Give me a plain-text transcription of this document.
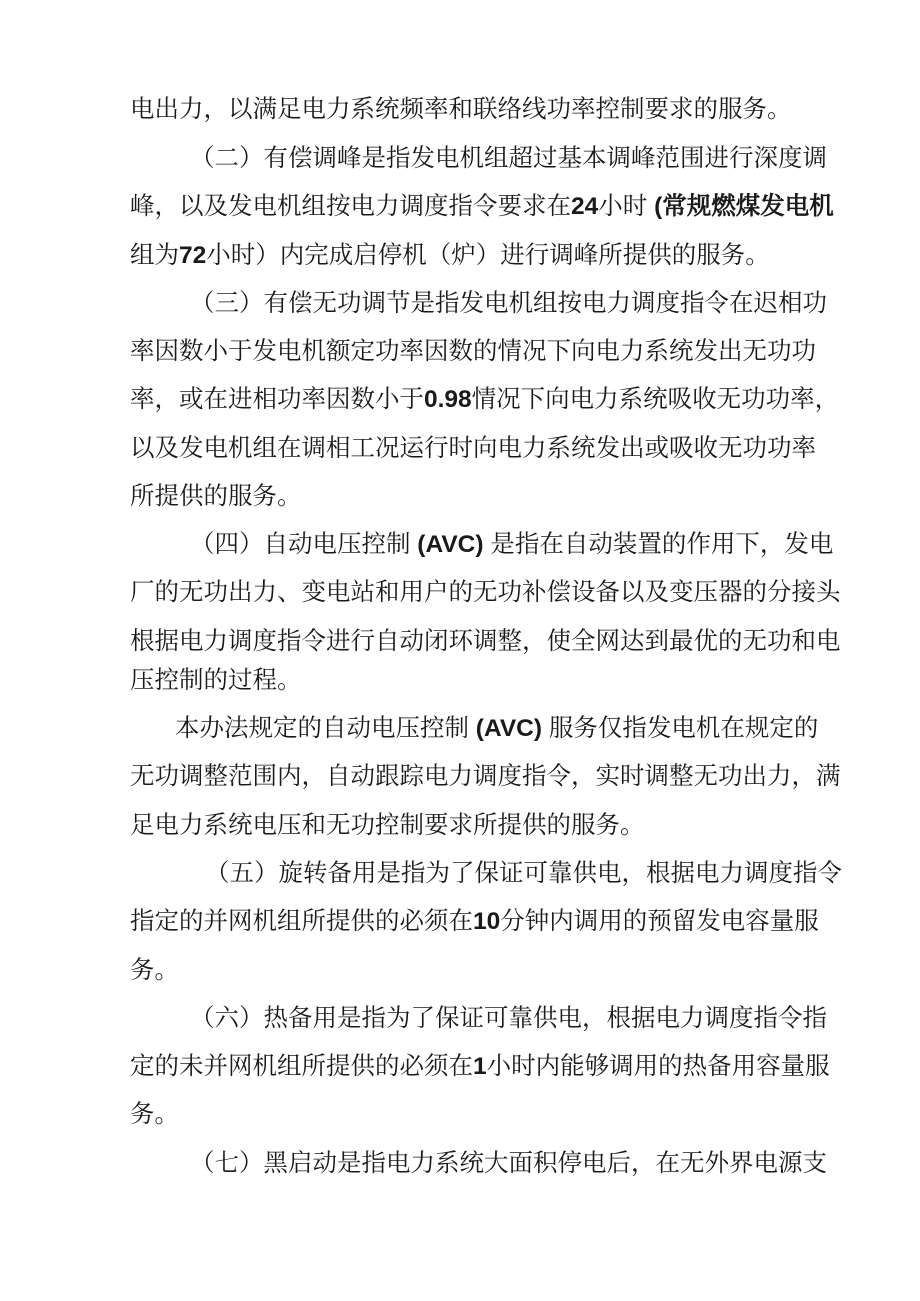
电出力，以满足电力系统频率和联络线功率控制要求的服务。
（二）有偿调峰是指发电机组超过基本调峰范围进行深度调
峰，以及发电机组按电力调度指令要求在24小时 (常规燃煤发电机
组为72小时）内完成启停机（炉）进行调峰所提供的服务。
（三）有偿无功调节是指发电机组按电力调度指令在迟相功
率因数小于发电机额定功率因数的情况下向电力系统发出无功功
率，或在进相功率因数小于0.98情况下向电力系统吸收无功功率，
以及发电机组在调相工况运行时向电力系统发出或吸收无功功率
所提供的服务。
（四）自动电压控制 (AVC) 是指在自动装置的作用下，发电
厂的无功出力、变电站和用户的无功补偿设备以及变压器的分接头
根据电力调度指令进行自动闭环调整，使全网达到最优的无功和电
压控制的过程。
本办法规定的自动电压控制 (AVC) 服务仅指发电机在规定的
无功调整范围内，自动跟踪电力调度指令，实时调整无功出力，满
足电力系统电压和无功控制要求所提供的服务。
（五）旋转备用是指为了保证可靠供电，根据电力调度指令
指定的并网机组所提供的必须在10分钟内调用的预留发电容量服
务。
（六）热备用是指为了保证可靠供电，根据电力调度指令指
定的未并网机组所提供的必须在1小时内能够调用的热备用容量服
务。
（七）黑启动是指电力系统大面积停电后，在无外界电源支
